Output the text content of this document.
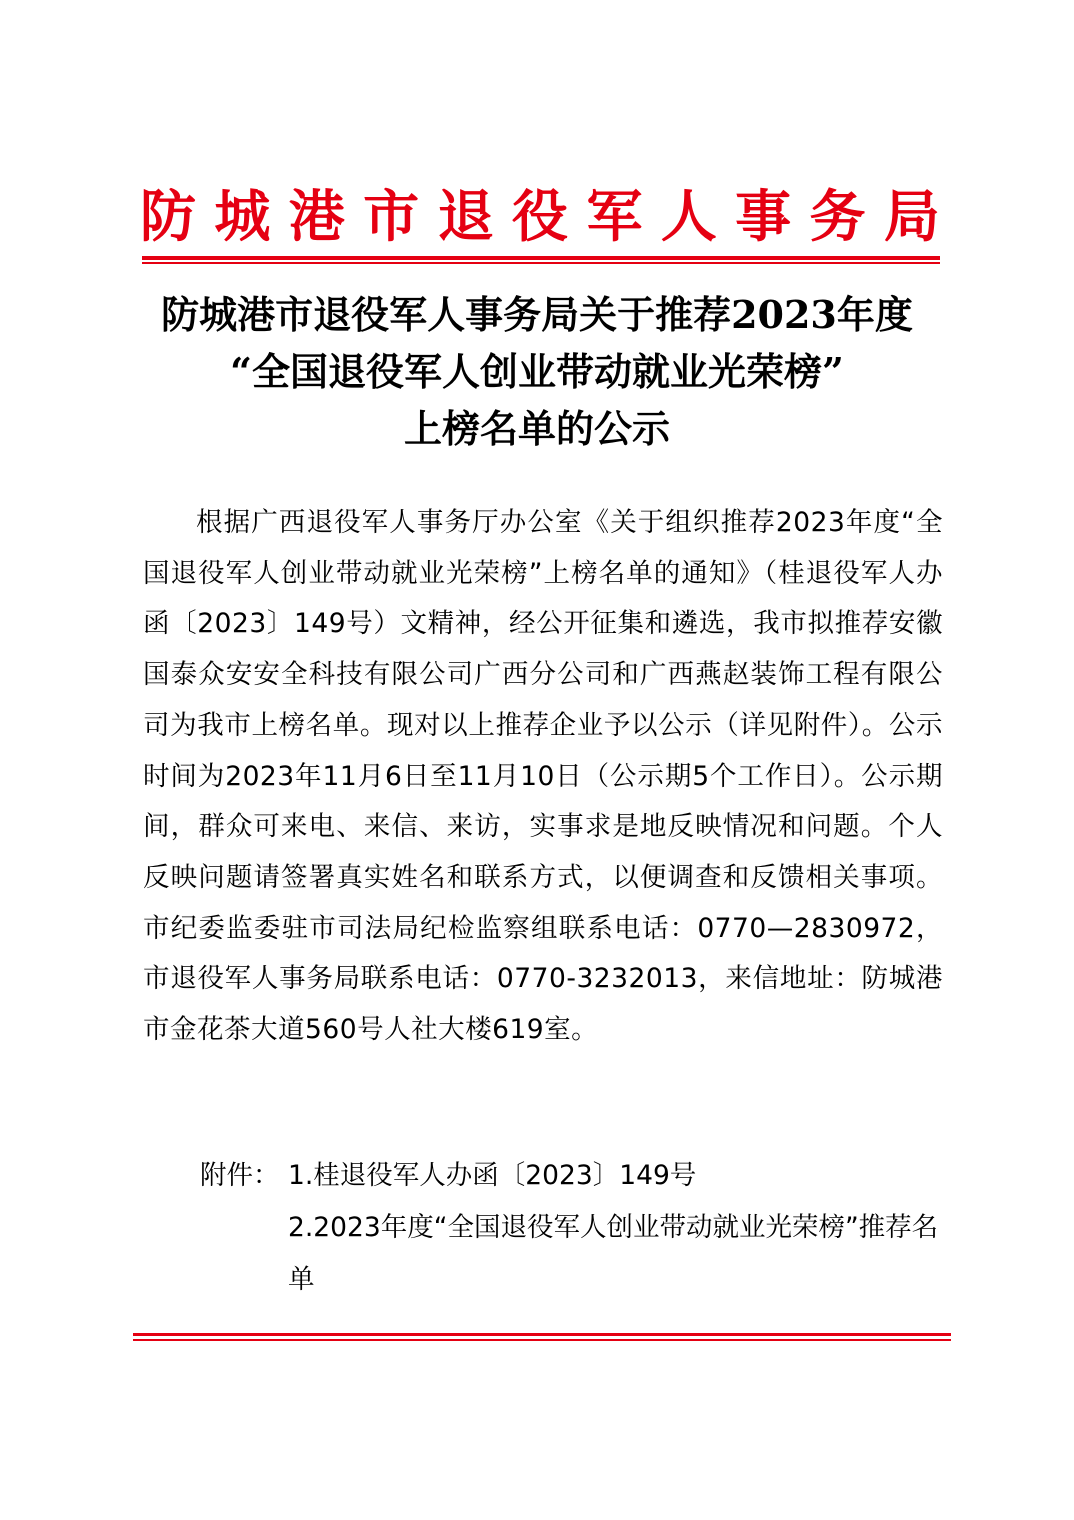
防 城 港 市 退 役 军 人 事 务 局
防城港市退役军人事务局关于推荐2023年度
“全国退役军人创业带动就业光荣榜”
上榜名单的公示
根据广西退役军人事务厅办公室《关于组织推荐2023年度“全国退役军人创业带动就业光荣榜”上榜名单的通知》（桂退役军人办函〔2023〕149号）文精神，经公开征集和遴选，我市拟推荐安徽国泰众安安全科技有限公司广西分公司和广西燕赵装饰工程有限公司为我市上榜名单。现对以上推荐企业予以公示（详见附件）。公示时间为2023年11月6日至11月10日（公示期5个工作日）。公示期间，群众可来电、来信、来访，实事求是地反映情况和问题。个人反映问题请签署真实姓名和联系方式，以便调查和反馈相关事项。市纪委监委驻市司法局纪检监察组联系电话：0770—2830972，市退役军人事务局联系电话：0770-3232013，来信地址：防城港市金花茶大道560号人社大楼619室。
附件： 1.桂退役军人办函〔2023〕149号
2.2023年度“全国退役军人创业带动就业光荣榜”推荐名单
